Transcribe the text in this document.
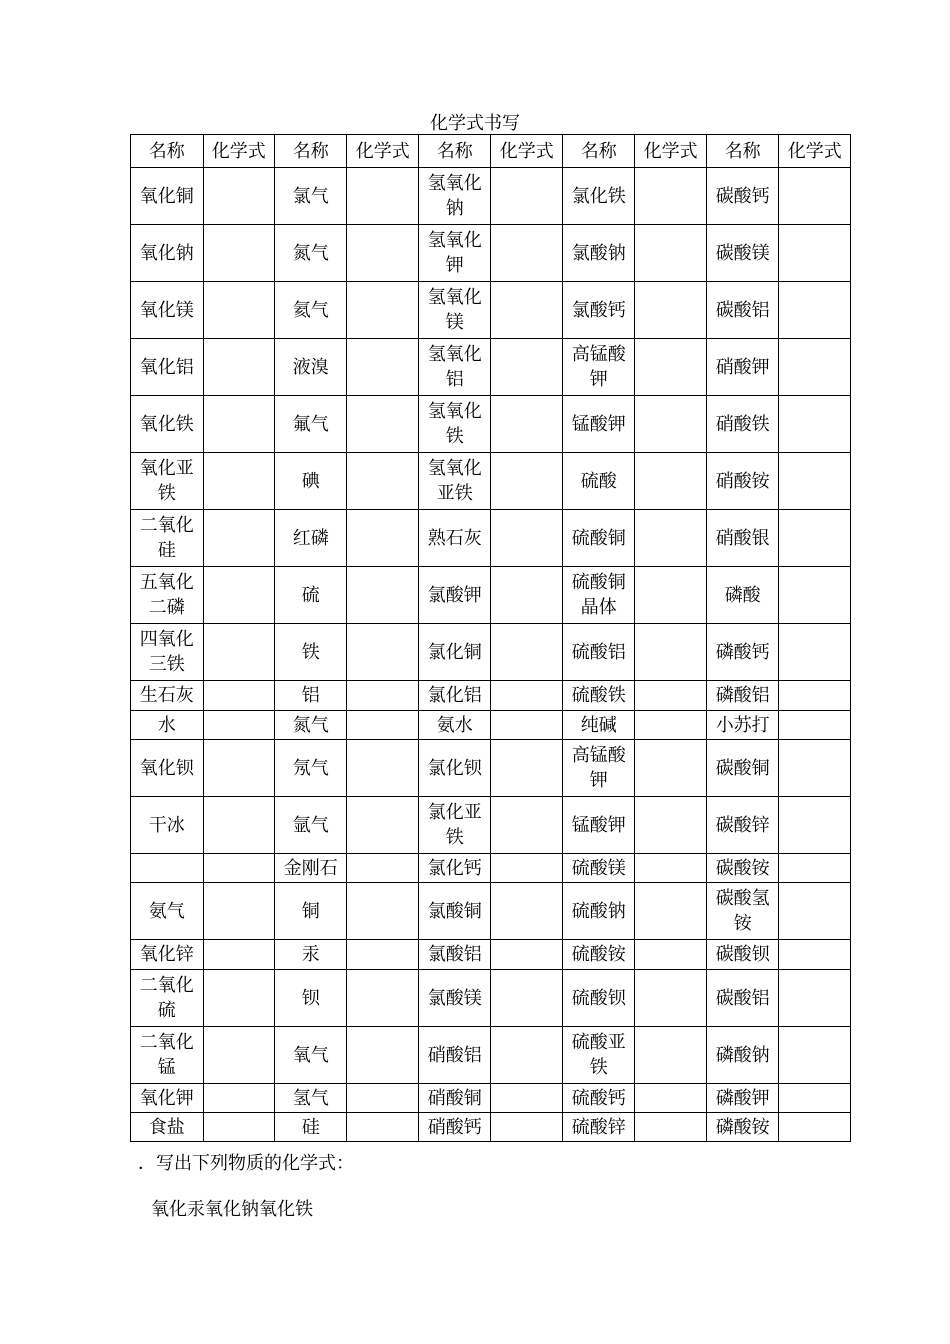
化学式书写
名称	化学式	名称	化学式	名称	化学式	名称	化学式	名称	化学式
氧化铜		氯气		氢氧化钠		氯化铁		碳酸钙	
氧化钠		氮气		氢氧化钾		氯酸钠		碳酸镁	
氧化镁		氦气		氢氧化镁		氯酸钙		碳酸铝	
氧化铝		液溴		氢氧化铝		高锰酸钾		硝酸钾	
氧化铁		氟气		氢氧化铁		锰酸钾		硝酸铁	
氧化亚铁		碘		氢氧化亚铁		硫酸		硝酸铵	
二氧化硅		红磷		熟石灰		硫酸铜		硝酸银	
五氧化二磷		硫		氯酸钾		硫酸铜晶体		磷酸	
四氧化三铁		铁		氯化铜		硫酸铝		磷酸钙	
生石灰		铝		氯化铝		硫酸铁		磷酸铝	
水		氮气		氨水		纯碱		小苏打	
氧化钡		氖气		氯化钡		高锰酸钾		碳酸铜	
干冰		氩气		氯化亚铁		锰酸钾		碳酸锌	
		金刚石		氯化钙		硫酸镁		碳酸铵	
氨气		铜		氯酸铜		硫酸钠		碳酸氢铵	
氧化锌		汞		氯酸铝		硫酸铵		碳酸钡	
二氧化硫		钡		氯酸镁		硫酸钡		碳酸铝	
二氧化锰		氧气		硝酸铝		硫酸亚铁		磷酸钠	
氧化钾		氢气		硝酸铜		硫酸钙		磷酸钾	
食盐		硅		硝酸钙		硫酸锌		磷酸铵	
．写出下列物质的化学式：
氧化汞氧化钠氧化铁
